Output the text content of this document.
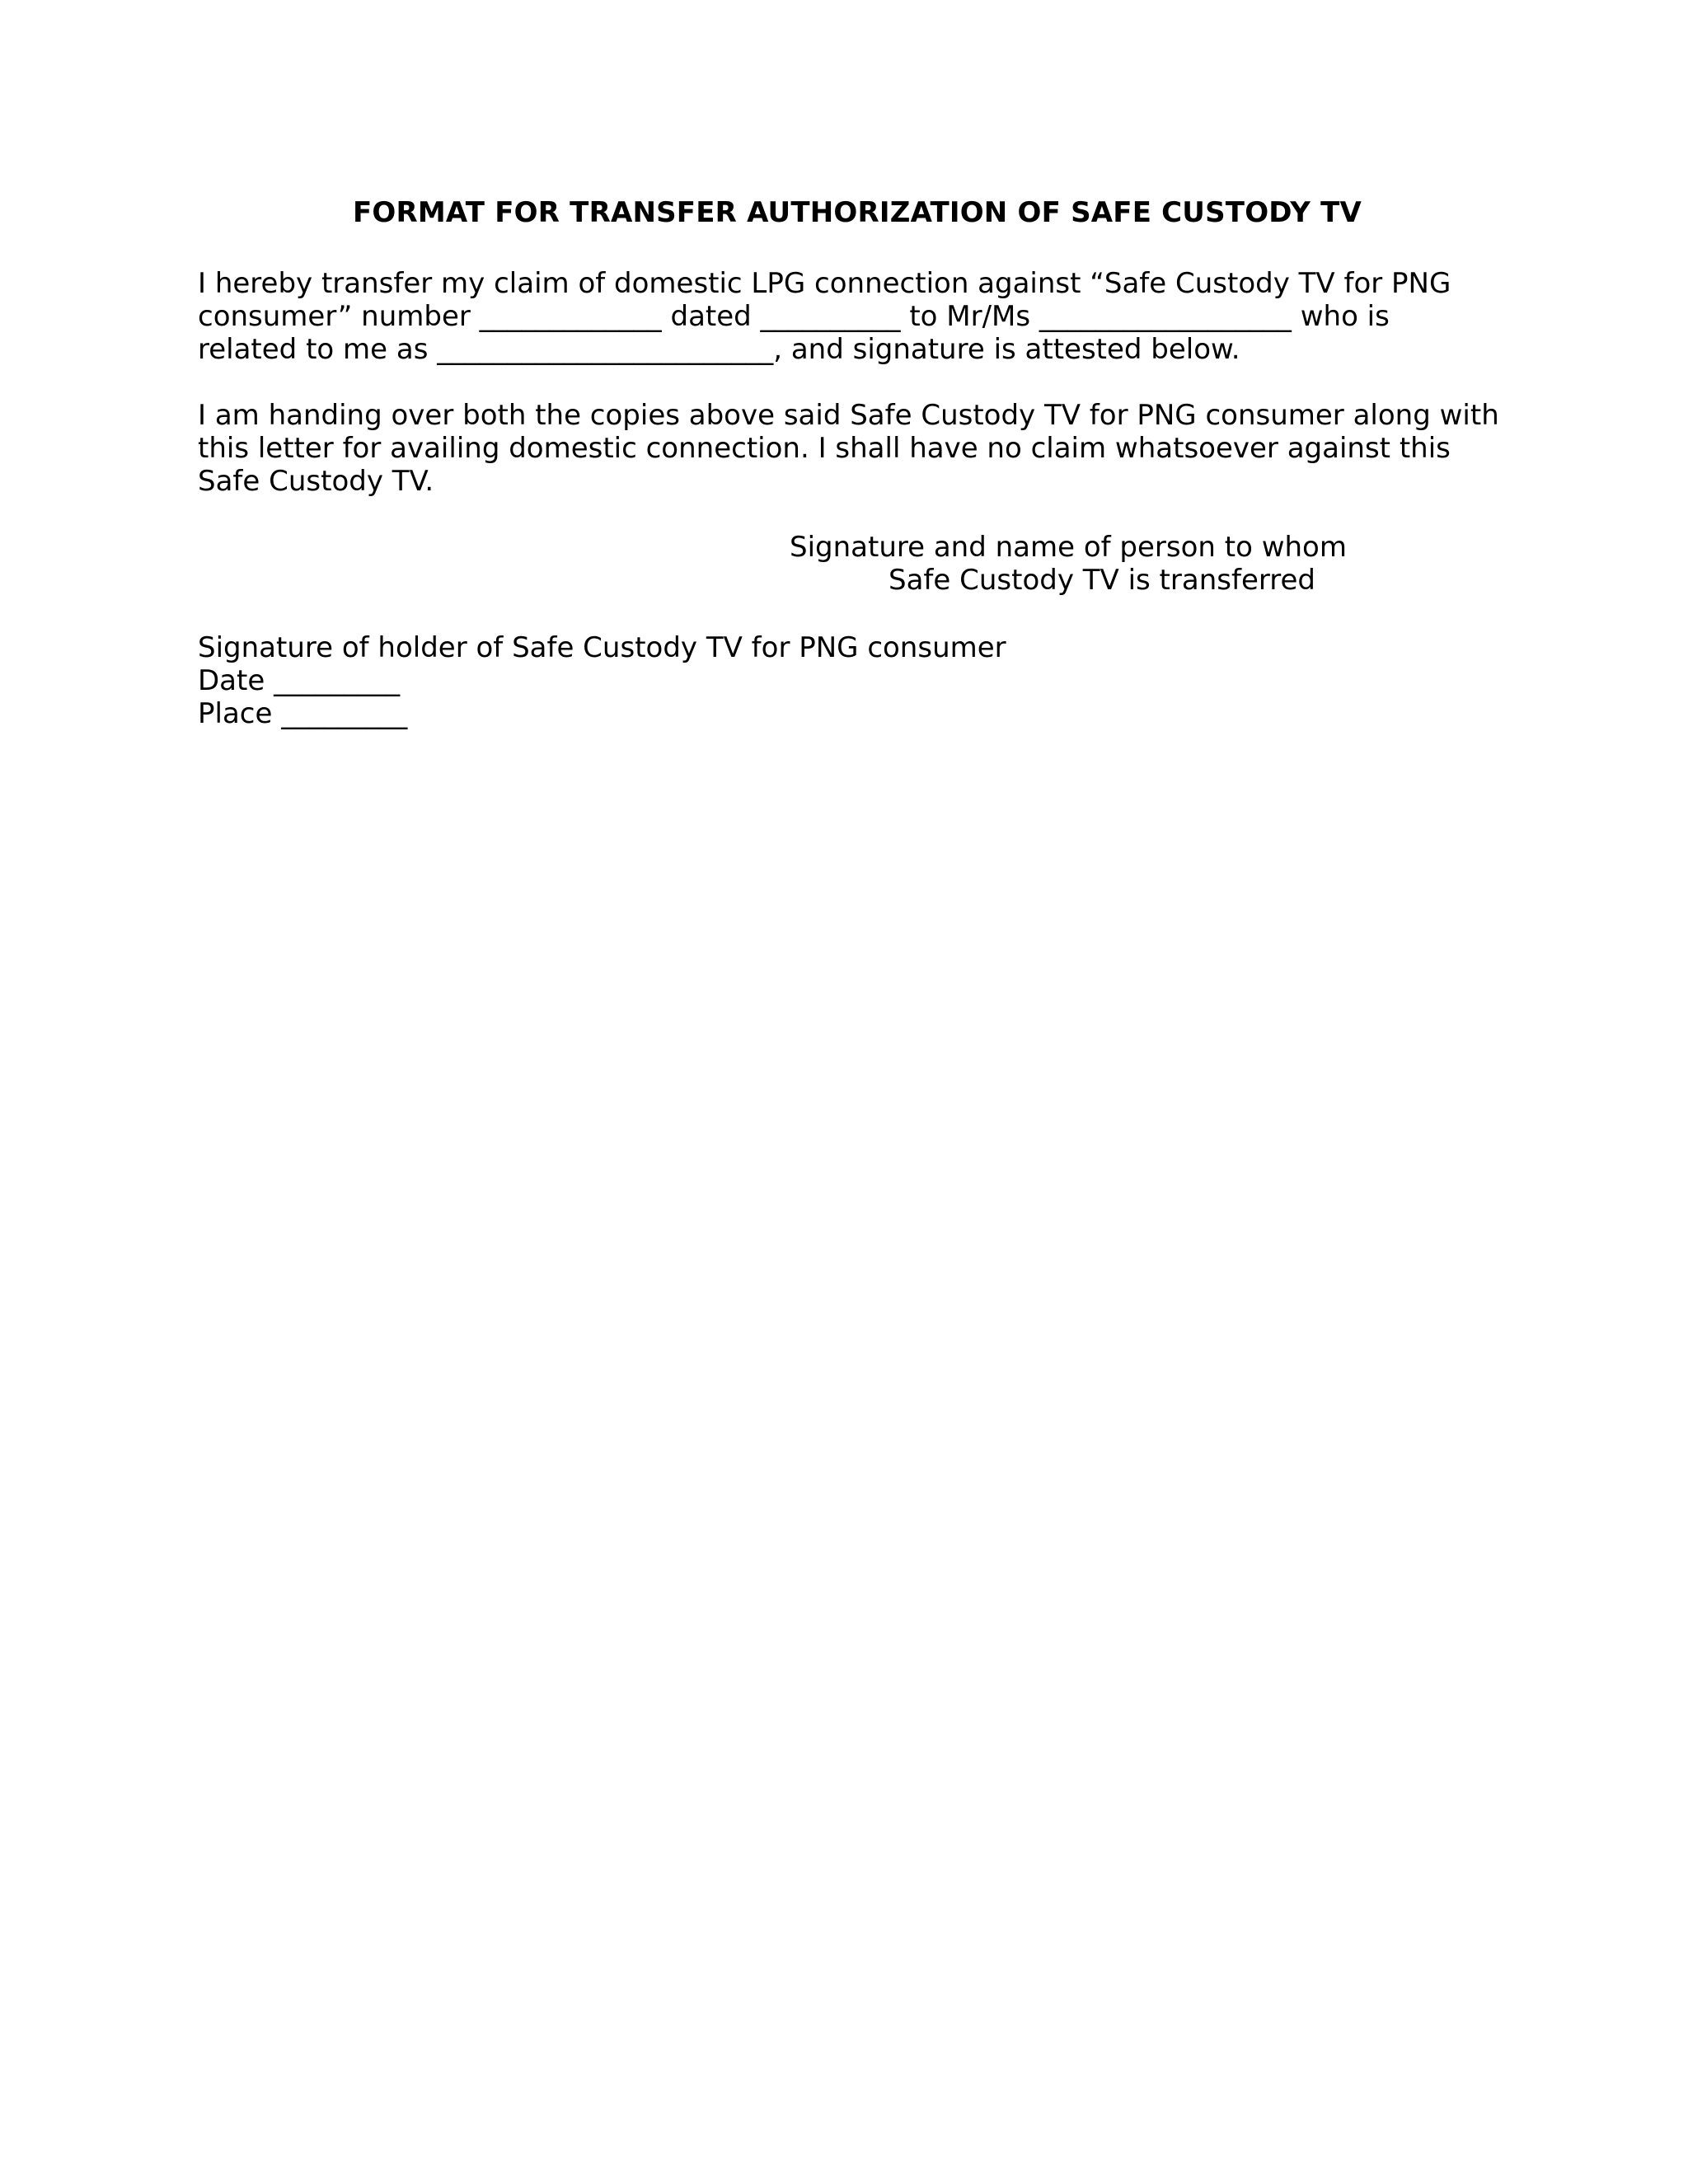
FORMAT FOR TRANSFER AUTHORIZATION OF SAFE CUSTODY TV
I hereby transfer my claim of domestic LPG connection against “Safe Custody TV for PNG
consumer” number _____________ dated __________ to Mr/Ms __________________ who is
related to me as ________________________, and signature is attested below.
I am handing over both the copies above said Safe Custody TV for PNG consumer along with
this letter for availing domestic connection. I shall have no claim whatsoever against this
Safe Custody TV.
Signature and name of person to whom
Safe Custody TV is transferred
Signature of holder of Safe Custody TV for PNG consumer
Date _________
Place _________
